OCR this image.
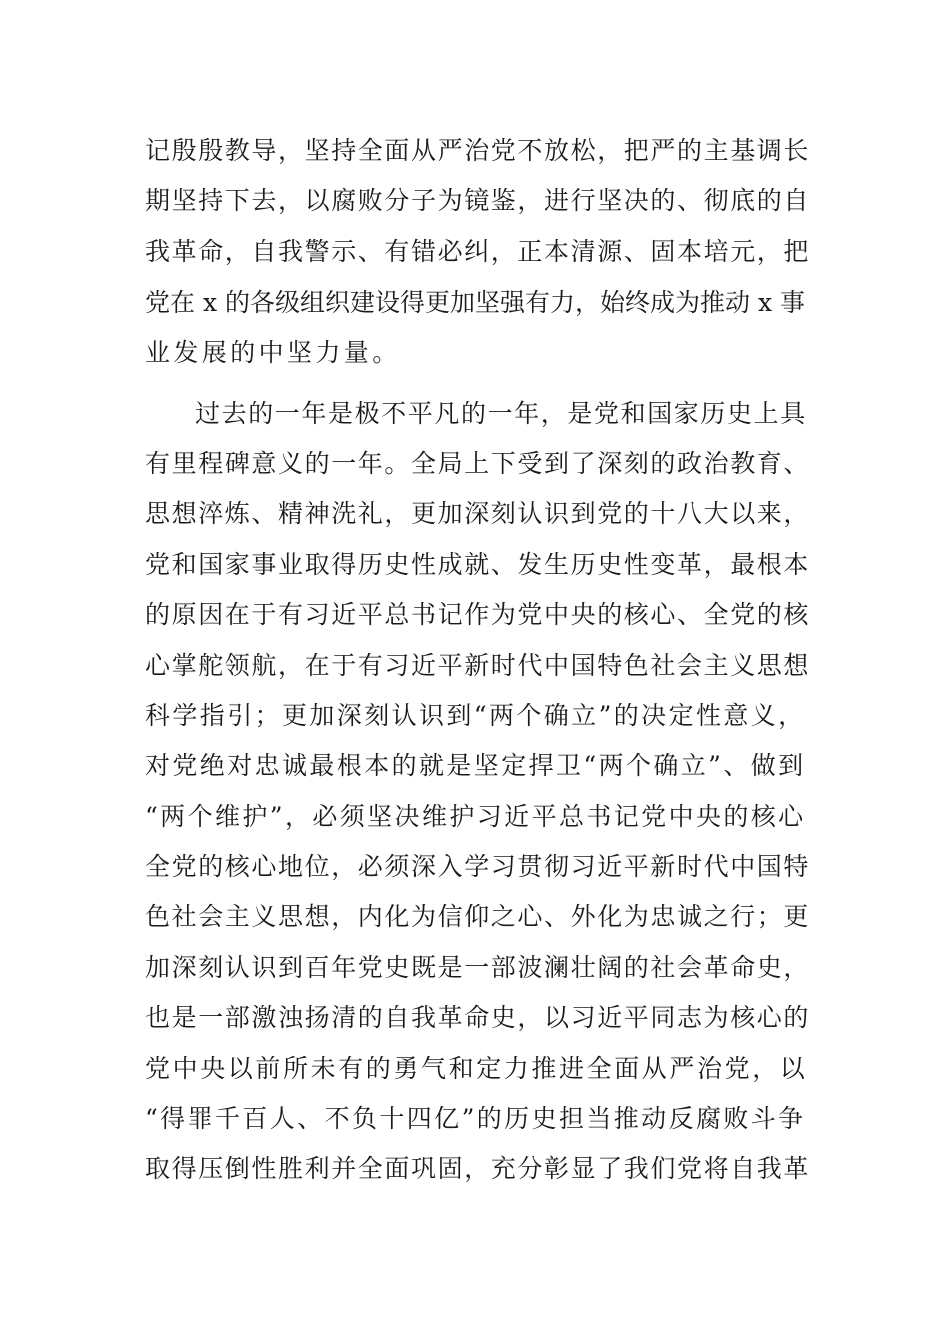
记殷殷教导，坚持全面从严治党不放松，把严的主基调长
期坚持下去，以腐败分子为镜鉴，进行坚决的、彻底的自
我革命，自我警示、有错必纠，正本清源、固本培元，把
党在 x 的各级组织建设得更加坚强有力，始终成为推动 x 事
业发展的中坚力量。
过去的一年是极不平凡的一年，是党和国家历史上具
有里程碑意义的一年。全局上下受到了深刻的政治教育、
思想淬炼、精神洗礼，更加深刻认识到党的十八大以来，
党和国家事业取得历史性成就、发生历史性变革，最根本
的原因在于有习近平总书记作为党中央的核心、全党的核
心掌舵领航，在于有习近平新时代中国特色社会主义思想
科学指引；更加深刻认识到“两个确立”的决定性意义，
对党绝对忠诚最根本的就是坚定捍卫“两个确立”、做到
“两个维护”，必须坚决维护习近平总书记党中央的核心
全党的核心地位，必须深入学习贯彻习近平新时代中国特
色社会主义思想，内化为信仰之心、外化为忠诚之行；更
加深刻认识到百年党史既是一部波澜壮阔的社会革命史，
也是一部激浊扬清的自我革命史，以习近平同志为核心的
党中央以前所未有的勇气和定力推进全面从严治党，以
“得罪千百人、不负十四亿”的历史担当推动反腐败斗争
取得压倒性胜利并全面巩固，充分彰显了我们党将自我革
